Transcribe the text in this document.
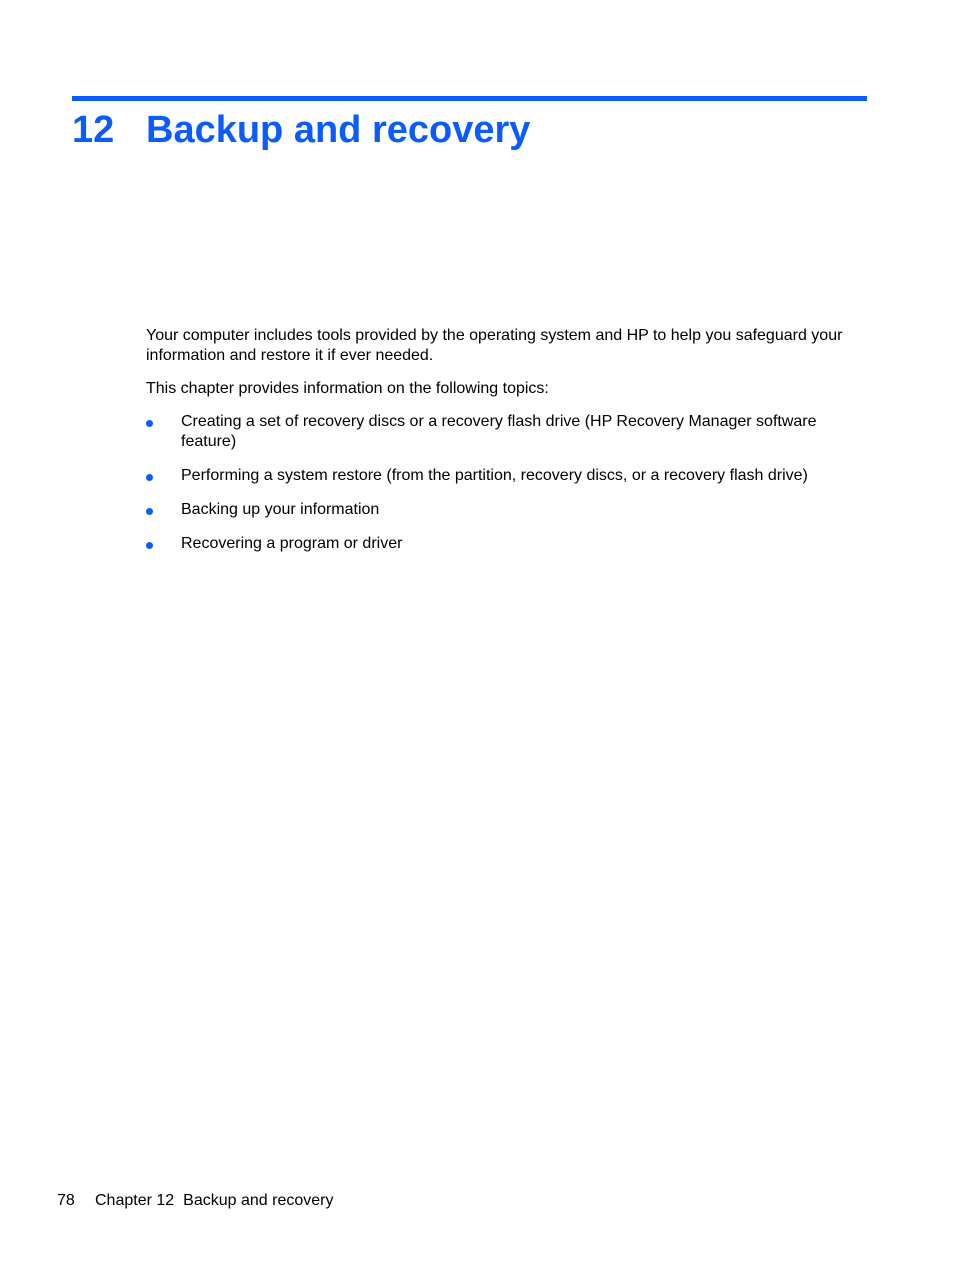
12 Backup and recovery

Your computer includes tools provided by the operating system and HP to help you safeguard your information and restore it if ever needed.

This chapter provides information on the following topics:

Creating a set of recovery discs or a recovery flash drive (HP Recovery Manager software feature)
Performing a system restore (from the partition, recovery discs, or a recovery flash drive)
Backing up your information
Recovering a program or driver
78 Chapter 12 Backup and recovery
